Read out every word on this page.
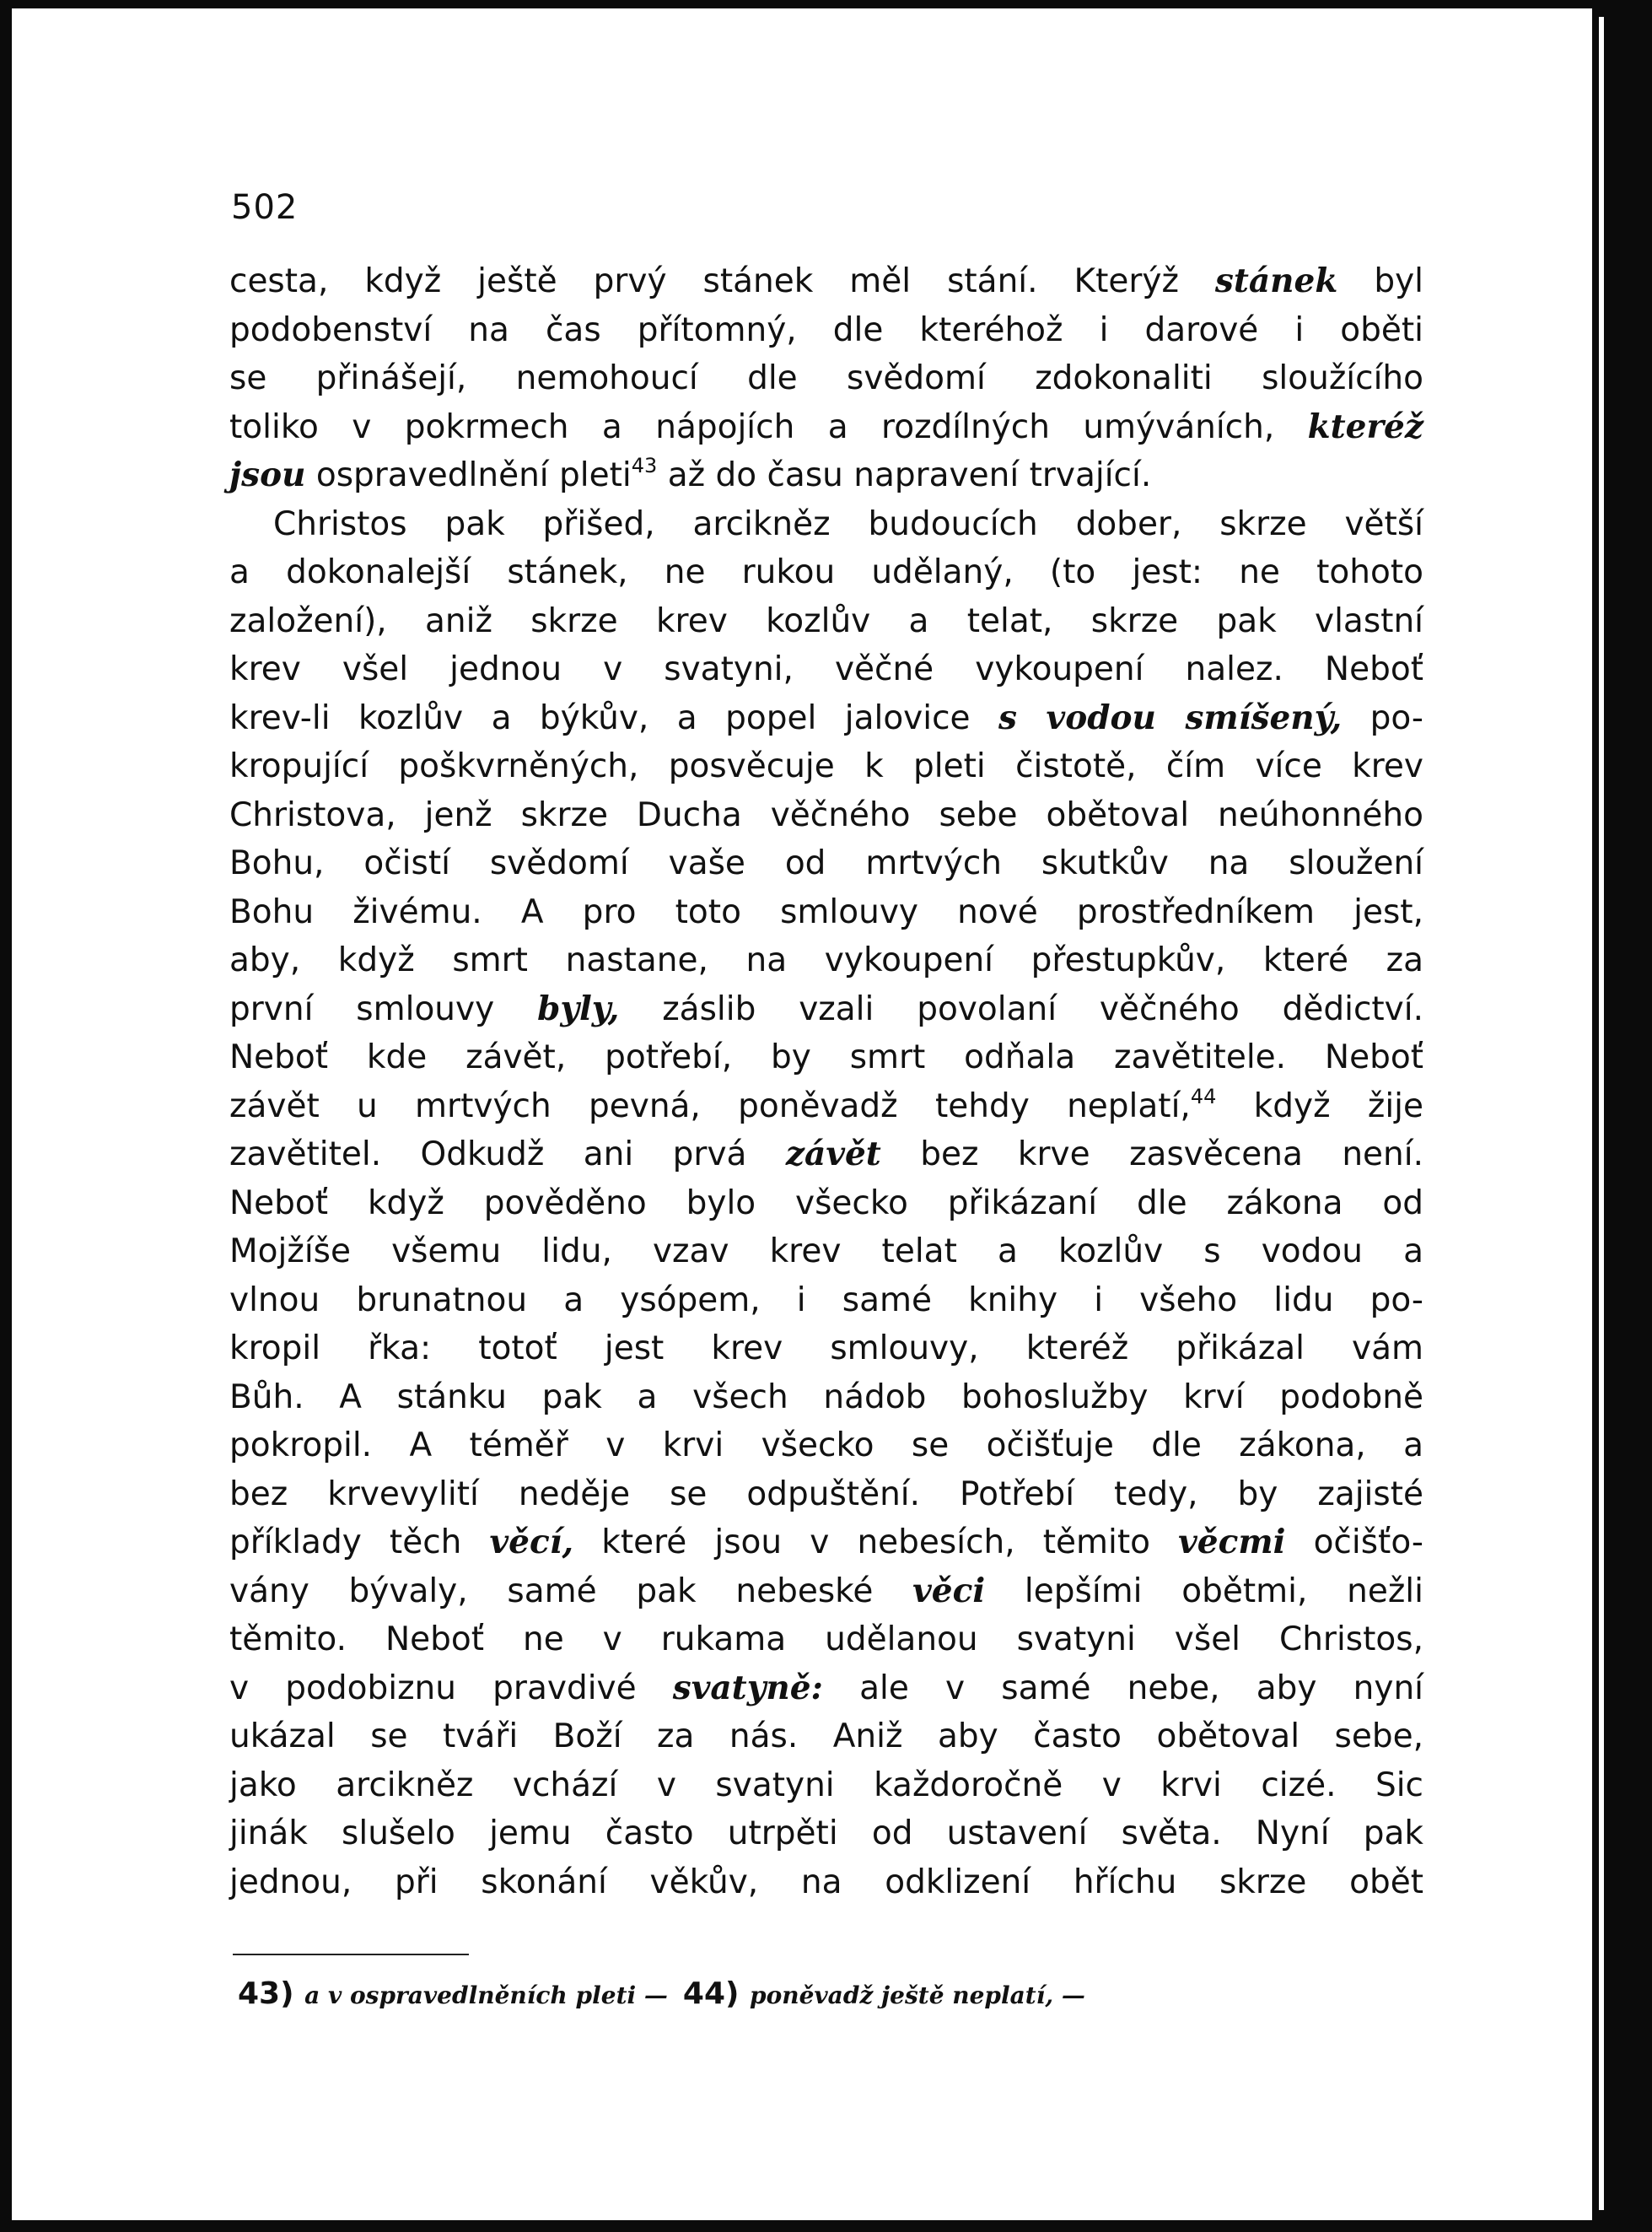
502
cesta, když ještě prvý stánek měl stání. Kterýž stánek byl
podobenství na čas přítomný, dle kteréhož i darové i oběti
se přinášejí, nemohoucí dle svědomí zdokonaliti sloužícího
toliko v pokrmech a nápojích a rozdílných umýváních, kteréž
jsou ospravedlnění pleti$^{43}$ až do času napravení trvající.
Christos pak přišed, arcikněz budoucích dober, skrze větší
a dokonalejší stánek, ne rukou udělaný, (to jest: ne tohoto
založení), aniž skrze krev kozlův a telat, skrze pak vlastní
krev všel jednou v svatyni, věčné vykoupení nalez. Neboť
krev-li kozlův a býkův, a popel jalovice s vodou smíšený, po-
kropující poškvrněných, posvěcuje k pleti čistotě, čím více krev
Christova, jenž skrze Ducha věčného sebe obětoval neúhonného
Bohu, očistí svědomí vaše od mrtvých skutkův na sloužení
Bohu živému. A pro toto smlouvy nové prostředníkem jest,
aby, když smrt nastane, na vykoupení přestupkův, které za
první smlouvy byly, záslib vzali povolaní věčného dědictví.
Neboť kde závět, potřebí, by smrt odňala zavětitele. Neboť
závět u mrtvých pevná, poněvadž tehdy neplatí,$^{44}$ když žije
zavětitel. Odkudž ani prvá závět bez krve zasvěcena není.
Neboť když pověděno bylo všecko přikázaní dle zákona od
Mojžíše všemu lidu, vzav krev telat a kozlův s vodou a
vlnou brunatnou a ysópem, i samé knihy i všeho lidu po-
kropil řka: totoť jest krev smlouvy, kteréž přikázal vám
Bůh. A stánku pak a všech nádob bohoslužby krví podobně
pokropil. A téměř v krvi všecko se očišťuje dle zákona, a
bez krvevylití neděje se odpuštění. Potřebí tedy, by zajisté
příklady těch věcí, které jsou v nebesích, těmito věcmi očišťo-
vány bývaly, samé pak nebeské věci lepšími obětmi, nežli
těmito. Neboť ne v rukama udělanou svatyni všel Christos,
v podobiznu pravdivé svatyně: ale v samé nebe, aby nyní
ukázal se tváři Boží za nás. Aniž aby často obětoval sebe,
jako arcikněz vchází v svatyni každoročně v krvi cizé. Sic
jinák slušelo jemu často utrpěti od ustavení světa. Nyní pak
jednou, při skonání věkův, na odklizení hříchu skrze obět
43) a v ospravedlněních pleti — 44) poněvadž ještě neplatí, —
